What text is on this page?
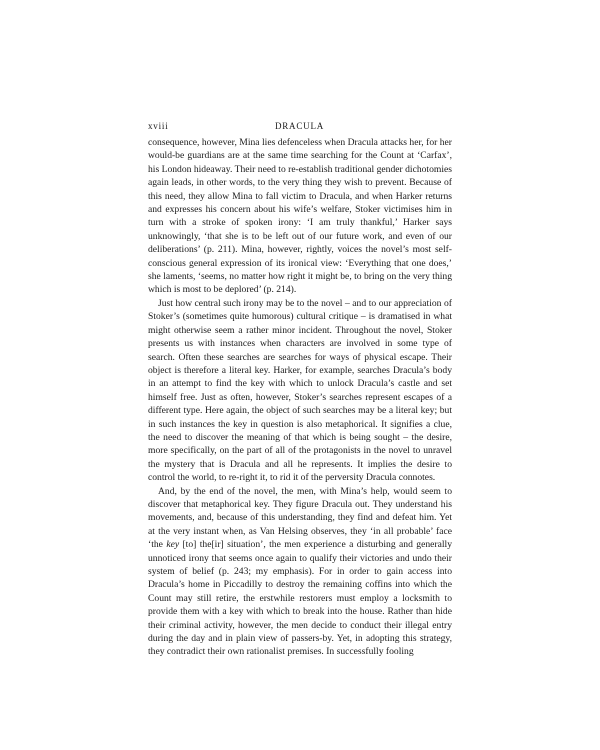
xviii	DRACULA

consequence, however, Mina lies defenceless when Dracula attacks her, for her would-be guardians are at the same time searching for the Count at ‘Carfax’, his London hideaway. Their need to re-establish traditional gender dichotomies again leads, in other words, to the very thing they wish to prevent. Because of this need, they allow Mina to fall victim to Dracula, and when Harker returns and expresses his concern about his wife’s welfare, Stoker victimises him in turn with a stroke of spoken irony: ‘I am truly thankful,’ Harker says unknowingly, ‘that she is to be left out of our future work, and even of our deliberations’ (p. 211). Mina, however, rightly, voices the novel’s most self-conscious general expression of its ironical view: ‘Everything that one does,’ she laments, ‘seems, no matter how right it might be, to bring on the very thing which is most to be deplored’ (p. 214).

Just how central such irony may be to the novel – and to our appreciation of Stoker’s (sometimes quite humorous) cultural critique – is dramatised in what might otherwise seem a rather minor incident. Throughout the novel, Stoker presents us with instances when characters are involved in some type of search. Often these searches are searches for ways of physical escape. Their object is therefore a literal key. Harker, for example, searches Dracula’s body in an attempt to find the key with which to unlock Dracula’s castle and set himself free. Just as often, however, Stoker’s searches represent escapes of a different type. Here again, the object of such searches may be a literal key; but in such instances the key in question is also metaphorical. It signifies a clue, the need to discover the meaning of that which is being sought – the desire, more specifically, on the part of all of the protagonists in the novel to unravel the mystery that is Dracula and all he represents. It implies the desire to control the world, to re-right it, to rid it of the perversity Dracula connotes.

And, by the end of the novel, the men, with Mina’s help, would seem to discover that metaphorical key. They figure Dracula out. They understand his movements, and, because of this understanding, they find and defeat him. Yet at the very instant when, as Van Helsing observes, they ‘in all probable’ face ‘the key [to] the[ir] situation’, the men experience a disturbing and generally unnoticed irony that seems once again to qualify their victories and undo their system of belief (p. 243; my emphasis). For in order to gain access into Dracula’s home in Piccadilly to destroy the remaining coffins into which the Count may still retire, the erstwhile restorers must employ a locksmith to provide them with a key with which to break into the house. Rather than hide their criminal activity, however, the men decide to conduct their illegal entry during the day and in plain view of passers-by. Yet, in adopting this strategy, they contradict their own rationalist premises. In successfully fooling
